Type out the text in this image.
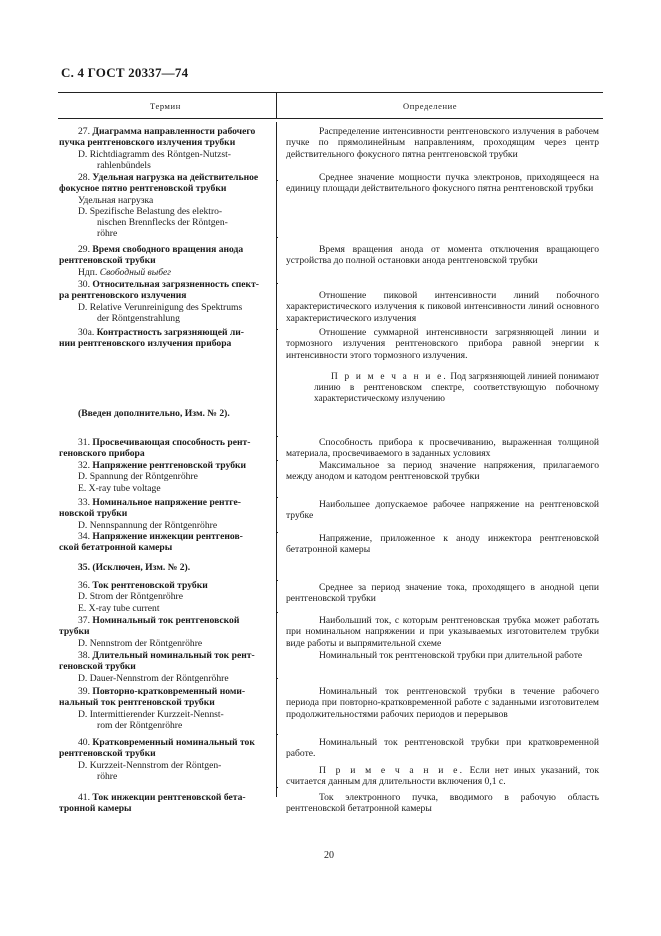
С. 4 ГОСТ 20337—74
Термин	Определение
27. Диаграмма направленности рабочего
пучка рентгеновского излучения трубки
D. Richtdiagramm des Röntgen-Nutzst-
rahlenbündels
Распределение интенсивности рентгеновского излучения в рабочем пучке по прямолинейным направлениям, проходящим через центр действительного фокусного пятна рентгеновской трубки
28. Удельная нагрузка на действительное
фокусное пятно рентгеновской трубки
Удельная нагрузка
D. Spezifische Belastung des elektro-
nischen Brennflecks der Röntgen-
röhre
Среднее значение мощности пучка электронов, приходящееся на единицу площади действительного фокусного пятна рентгеновской трубки
29. Время свободного вращения анода
рентгеновской трубки
Ндп. Свободный выбег
Время вращения анода от момента отключения вращающего устройства до полной остановки анода рентгеновской трубки
30. Относительная загрязненность спект-
ра рентгеновского излучения
D. Relative Verunreinigung des Spektrums
der Röntgenstrahlung
Отношение пиковой интенсивности линий побочного характеристического излучения к пиковой интенсивности линий основного характеристического излучения
30а. Контрастность загрязняющей ли-
нии рентгеновского излучения прибора
Отношение суммарной интенсивности загрязняющей линии и тормозного излучения рентгеновского прибора равной энергии к интенсивности этого тормозного излучения.
П р и м е ч а н и е. Под загрязняющей линией понимают линию в рентгеновском спектре, соответствующую побочному характеристическому излучению
(Введен дополнительно, Изм. № 2).
31. Просвечивающая способность рент-
геновского прибора
Способность прибора к просвечиванию, выраженная толщиной материала, просвечиваемого в заданных условиях
32. Напряжение рентгеновской трубки
D. Spannung der Röntgenröhre
E. X-ray tube voltage
Максимальное за период значение напряжения, прилагаемого между анодом и катодом рентгеновской трубки
33. Номинальное напряжение рентге-
новской трубки
D. Nennspannung der Röntgenröhre
Наибольшее допускаемое рабочее напряжение на рентгеновской трубке
34. Напряжение инжекции рентгенов-
ской бетатронной камеры
Напряжение, приложенное к аноду инжектора рентгеновской бетатронной камеры
35. (Исключен, Изм. № 2).
36. Ток рентгеновской трубки
D. Strom der Röntgenröhre
E. X-ray tube current
Среднее за период значение тока, проходящего в анодной цепи рентгеновской трубки
37. Номинальный ток рентгеновской
трубки
D. Nennstrom der Röntgenröhre
Наибольший ток, с которым рентгеновская трубка может работать при номинальном напряжении и при указываемых изготовителем трубки виде работы и выпрямительной схеме
38. Длительный номинальный ток рент-
геновской трубки
D. Dauer-Nennstrom der Röntgenröhre
Номинальный ток рентгеновской трубки при длительной работе
39. Повторно-кратковременный номи-
нальный ток рентгеновской трубки
D. Intermittierender Kurzzeit-Nennst-
rom der Röntgenröhre
Номинальный ток рентгеновской трубки в течение рабочего периода при повторно-кратковременной работе с заданными изготовителем продолжительностями рабочих периодов и перерывов
40. Кратковременный номинальный ток
рентгеновской трубки
D. Kurzzeit-Nennstrom der Röntgen-
röhre
Номинальный ток рентгеновской трубки при кратковременной работе.
П р и м е ч а н и е. Если нет иных указаний, ток считается данным для длительности включения 0,1 с.
41. Ток инжекции рентгеновской бета-
тронной камеры
Ток электронного пучка, вводимого в рабочую область рентгеновской бетатронной камеры
20
